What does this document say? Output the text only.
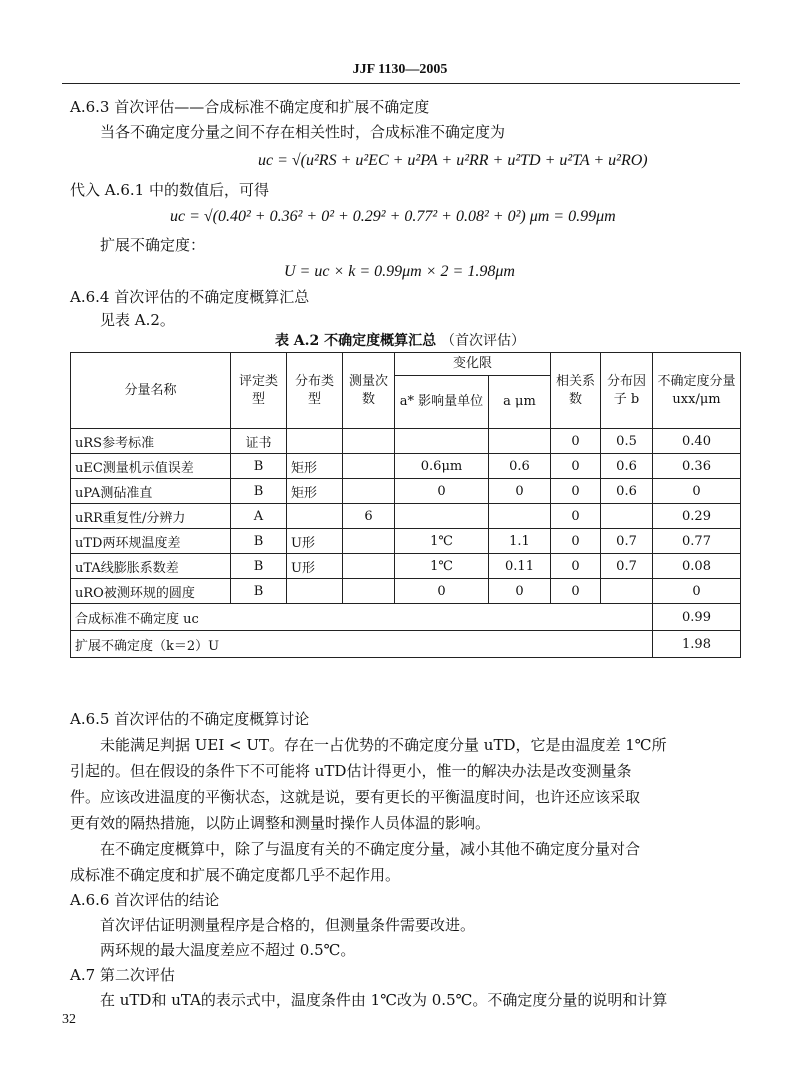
JJF 1130—2005
A.6.3 首次评估——合成标准不确定度和扩展不确定度
当各不确定度分量之间不存在相关性时，合成标准不确定度为
uc = √(u²RS + u²EC + u²PA + u²RR + u²TD + u²TA + u²RO)
代入 A.6.1 中的数值后，可得
uc = √(0.40² + 0.36² + 0² + 0.29² + 0.77² + 0.08² + 0²) μm = 0.99μm
扩展不确定度：
U = uc × k = 0.99μm × 2 = 1.98μm
A.6.4 首次评估的不确定度概算汇总
见表 A.2。
表 A.2 不确定度概算汇总 （首次评估）
分量名称	评定类型	分布类型	测量次数	变化限		相关系数	分布因子 b	不确定度分量 uxx/μm
				a* 影响量单位	a μm			
uRS参考标准	证书					0	0.5	0.40
uEC测量机示值误差	B	矩形		0.6μm	0.6	0	0.6	0.36
uPA测砧准直	B	矩形		0	0	0	0.6	0
uRR重复性/分辨力	A		6			0		0.29
uTD两环规温度差	B	U形		1℃	1.1	0	0.7	0.77
uTA线膨胀系数差	B	U形		1℃	0.11	0	0.7	0.08
uRO被测环规的圆度	B			0	0	0		0
合成标准不确定度 uc								0.99
扩展不确定度（k＝2）U								1.98
A.6.5 首次评估的不确定度概算讨论
未能满足判据 UEI < UT。存在一占优势的不确定度分量 uTD，它是由温度差 1℃所
引起的。但在假设的条件下不可能将 uTD估计得更小，惟一的解决办法是改变测量条
件。应该改进温度的平衡状态，这就是说，要有更长的平衡温度时间，也许还应该采取
更有效的隔热措施，以防止调整和测量时操作人员体温的影响。
在不确定度概算中，除了与温度有关的不确定度分量，减小其他不确定度分量对合
成标准不确定度和扩展不确定度都几乎不起作用。
A.6.6 首次评估的结论
首次评估证明测量程序是合格的，但测量条件需要改进。
两环规的最大温度差应不超过 0.5℃。
A.7 第二次评估
在 uTD和 uTA的表示式中，温度条件由 1℃改为 0.5℃。不确定度分量的说明和计算
32
